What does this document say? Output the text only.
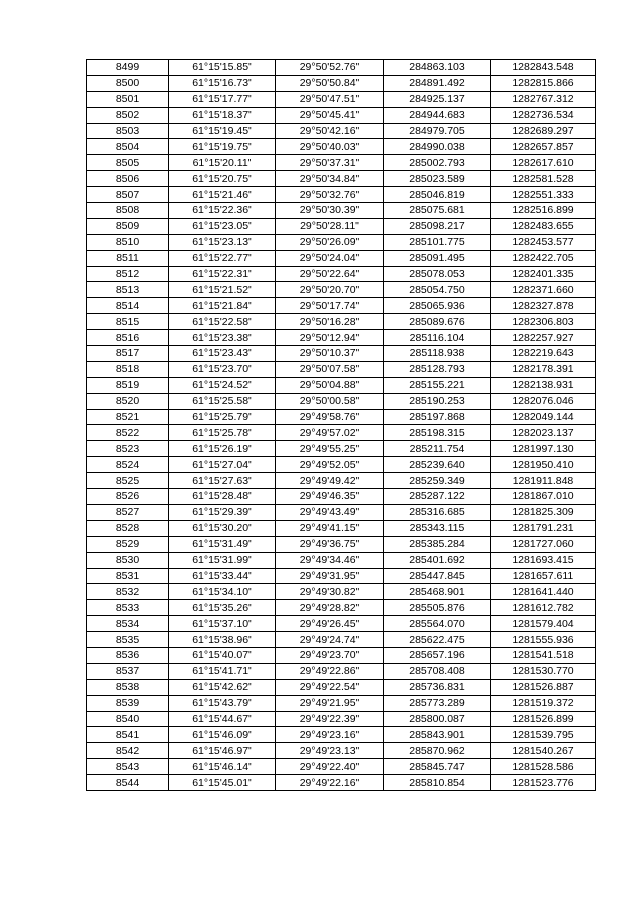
8499	61°15'15.85"	29°50'52.76"	284863.103	1282843.548
8500	61°15'16.73"	29°50'50.84"	284891.492	1282815.866
8501	61°15'17.77"	29°50'47.51"	284925.137	1282767.312
8502	61°15'18.37"	29°50'45.41"	284944.683	1282736.534
8503	61°15'19.45"	29°50'42.16"	284979.705	1282689.297
8504	61°15'19.75"	29°50'40.03"	284990.038	1282657.857
8505	61°15'20.11"	29°50'37.31"	285002.793	1282617.610
8506	61°15'20.75"	29°50'34.84"	285023.589	1282581.528
8507	61°15'21.46"	29°50'32.76"	285046.819	1282551.333
8508	61°15'22.36"	29°50'30.39"	285075.681	1282516.899
8509	61°15'23.05"	29°50'28.11"	285098.217	1282483.655
8510	61°15'23.13"	29°50'26.09"	285101.775	1282453.577
8511	61°15'22.77"	29°50'24.04"	285091.495	1282422.705
8512	61°15'22.31"	29°50'22.64"	285078.053	1282401.335
8513	61°15'21.52"	29°50'20.70"	285054.750	1282371.660
8514	61°15'21.84"	29°50'17.74"	285065.936	1282327.878
8515	61°15'22.58"	29°50'16.28"	285089.676	1282306.803
8516	61°15'23.38"	29°50'12.94"	285116.104	1282257.927
8517	61°15'23.43"	29°50'10.37"	285118.938	1282219.643
8518	61°15'23.70"	29°50'07.58"	285128.793	1282178.391
8519	61°15'24.52"	29°50'04.88"	285155.221	1282138.931
8520	61°15'25.58"	29°50'00.58"	285190.253	1282076.046
8521	61°15'25.79"	29°49'58.76"	285197.868	1282049.144
8522	61°15'25.78"	29°49'57.02"	285198.315	1282023.137
8523	61°15'26.19"	29°49'55.25"	285211.754	1281997.130
8524	61°15'27.04"	29°49'52.05"	285239.640	1281950.410
8525	61°15'27.63"	29°49'49.42"	285259.349	1281911.848
8526	61°15'28.48"	29°49'46.35"	285287.122	1281867.010
8527	61°15'29.39"	29°49'43.49"	285316.685	1281825.309
8528	61°15'30.20"	29°49'41.15"	285343.115	1281791.231
8529	61°15'31.49"	29°49'36.75"	285385.284	1281727.060
8530	61°15'31.99"	29°49'34.46"	285401.692	1281693.415
8531	61°15'33.44"	29°49'31.95"	285447.845	1281657.611
8532	61°15'34.10"	29°49'30.82"	285468.901	1281641.440
8533	61°15'35.26"	29°49'28.82"	285505.876	1281612.782
8534	61°15'37.10"	29°49'26.45"	285564.070	1281579.404
8535	61°15'38.96"	29°49'24.74"	285622.475	1281555.936
8536	61°15'40.07"	29°49'23.70"	285657.196	1281541.518
8537	61°15'41.71"	29°49'22.86"	285708.408	1281530.770
8538	61°15'42.62"	29°49'22.54"	285736.831	1281526.887
8539	61°15'43.79"	29°49'21.95"	285773.289	1281519.372
8540	61°15'44.67"	29°49'22.39"	285800.087	1281526.899
8541	61°15'46.09"	29°49'23.16"	285843.901	1281539.795
8542	61°15'46.97"	29°49'23.13"	285870.962	1281540.267
8543	61°15'46.14"	29°49'22.40"	285845.747	1281528.586
8544	61°15'45.01"	29°49'22.16"	285810.854	1281523.776
